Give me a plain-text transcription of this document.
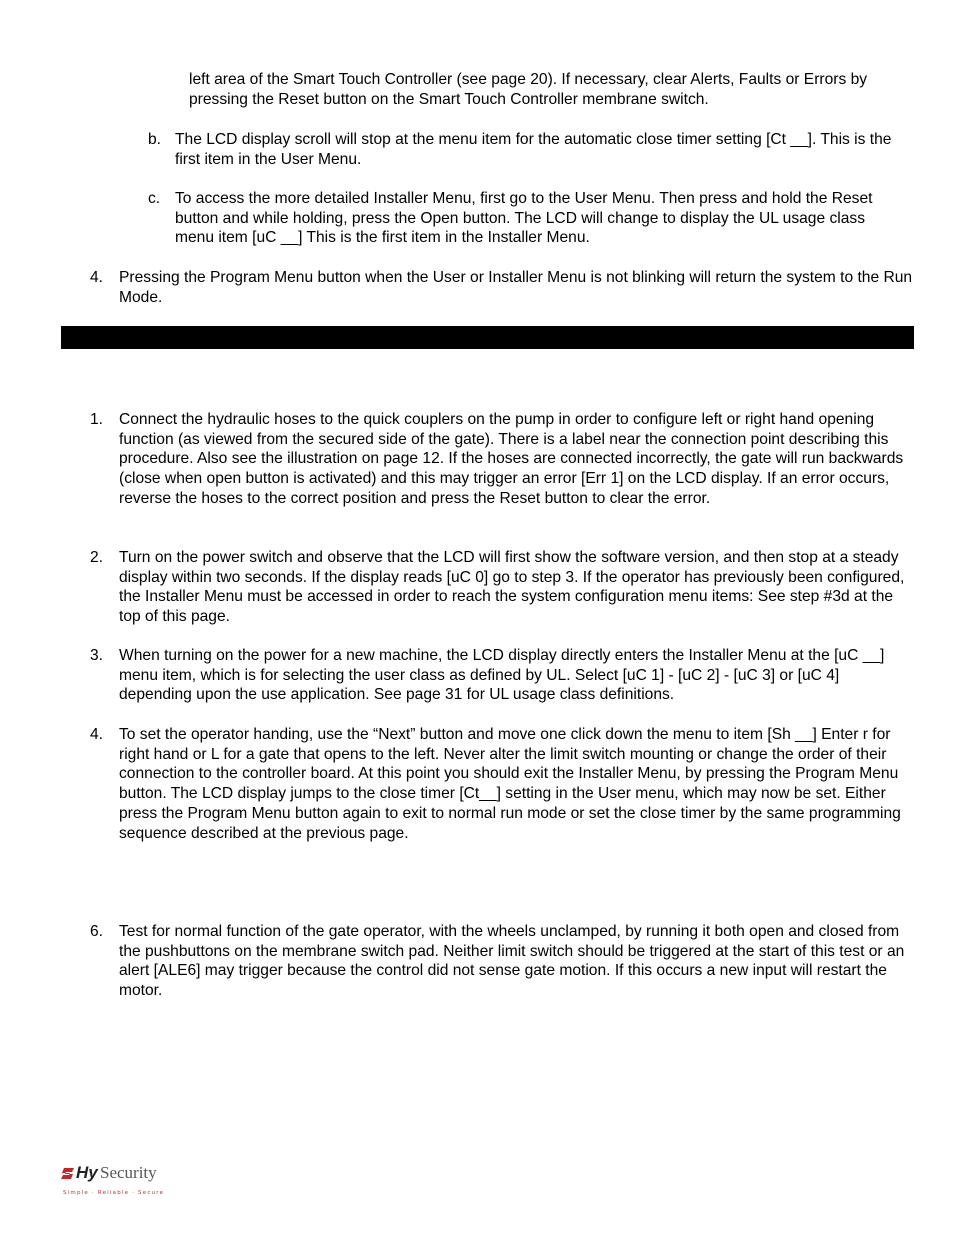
left area of the Smart Touch Controller (see page 20). If necessary, clear Alerts, Faults or Errors by pressing the Reset button on the Smart Touch Controller membrane switch.
b. The LCD display scroll will stop at the menu item for the automatic close timer setting [Ct __]. This is the first item in the User Menu.
c. To access the more detailed Installer Menu, first go to the User Menu. Then press and hold the Reset button and while holding, press the Open button. The LCD will change to display the UL usage class menu item [uC __] This is the first item in the Installer Menu.
4. Pressing the Program Menu button when the User or Installer Menu is not blinking will return the system to the Run Mode.
1. Connect the hydraulic hoses to the quick couplers on the pump in order to configure left or right hand opening function (as viewed from the secured side of the gate). There is a label near the connection point describing this procedure. Also see the illustration on page 12. If the hoses are connected incorrectly, the gate will run backwards (close when open button is activated) and this may trigger an error [Err 1] on the LCD display. If an error occurs, reverse the hoses to the correct position and press the Reset button to clear the error.
2. Turn on the power switch and observe that the LCD will first show the software version, and then stop at a steady display within two seconds. If the display reads [uC 0] go to step 3. If the operator has previously been configured, the Installer Menu must be accessed in order to reach the system configuration menu items: See step #3d at the top of this page.
3. When turning on the power for a new machine, the LCD display directly enters the Installer Menu at the [uC __] menu item, which is for selecting the user class as defined by UL. Select [uC 1] - [uC 2] - [uC 3] or [uC 4] depending upon the use application. See page 31 for UL usage class definitions.
4. To set the operator handing, use the “Next” button and move one click down the menu to item [Sh __] Enter r for right hand or L for a gate that opens to the left. Never alter the limit switch mounting or change the order of their connection to the controller board. At this point you should exit the Installer Menu, by pressing the Program Menu button. The LCD display jumps to the close timer [Ct__] setting in the User menu, which may now be set. Either press the Program Menu button again to exit to normal run mode or set the close timer by the same programming sequence described at the previous page.
6. Test for normal function of the gate operator, with the wheels unclamped, by running it both open and closed from the pushbuttons on the membrane switch pad. Neither limit switch should be triggered at the start of this test or an alert [ALE6] may trigger because the control did not sense gate motion. If this occurs a new input will restart the motor.
Hy Security
Simple · Reliable · Secure
